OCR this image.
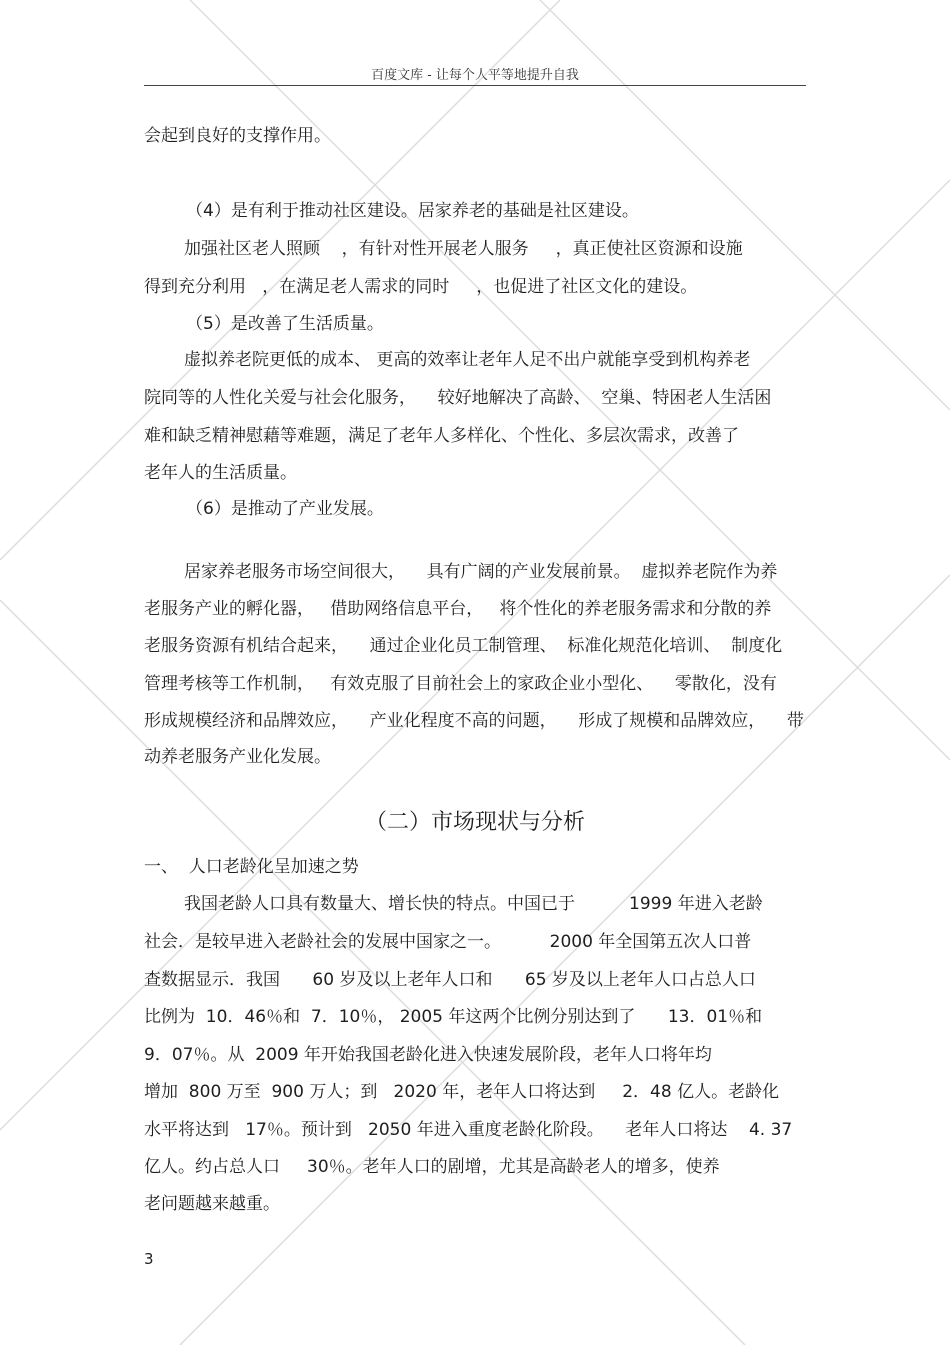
百度文库 - 让每个人平等地提升自我
会起到良好的支撑作用。
（4）是有利于推动社区建设。居家养老的基础是社区建设。
加强社区老人照顾    ，有针对性开展老人服务     ，真正使社区资源和设施
得到充分利用   ，在满足老人需求的同时     ，也促进了社区文化的建设。
（5）是改善了生活质量。
虚拟养老院更低的成本、 更高的效率让老年人足不出户就能享受到机构养老
院同等的人性化关爱与社会化服务，    较好地解决了高龄、  空巢、特困老人生活困
难和缺乏精神慰藉等难题，满足了老年人多样化、个性化、多层次需求，改善了
老年人的生活质量。
（6）是推动了产业发展。
居家养老服务市场空间很大，    具有广阔的产业发展前景。  虚拟养老院作为养
老服务产业的孵化器，   借助网络信息平台，   将个性化的养老服务需求和分散的养
老服务资源有机结合起来，    通过企业化员工制管理、  标准化规范化培训、  制度化
管理考核等工作机制，   有效克服了目前社会上的家政企业小型化、    零散化，没有
形成规模经济和品牌效应，    产业化程度不高的问题，    形成了规模和品牌效应，    带
动养老服务产业化发展。
（二）市场现状与分析
一、  人口老龄化呈加速之势
我国老龄人口具有数量大、增长快的特点。中国已于          1999 年进入老龄
社会．是较早进入老龄社会的发展中国家之一。         2000 年全国第五次人口普
查数据显示．我国      60 岁及以上老年人口和      65 岁及以上老年人口占总人口
比例为  10．46％和  7．10％， 2005 年这两个比例分别达到了      13．01％和
9．07％。从  2009 年开始我国老龄化进入快速发展阶段，老年人口将年均
增加  800 万至  900 万人；到   2020 年，老年人口将达到     2．48 亿人。老龄化
水平将达到   17％。预计到   2050 年进入重度老龄化阶段。    老年人口将达    4. 37
亿人。约占总人口     30％。老年人口的剧增，尤其是高龄老人的增多，使养
老问题越来越重。
3
